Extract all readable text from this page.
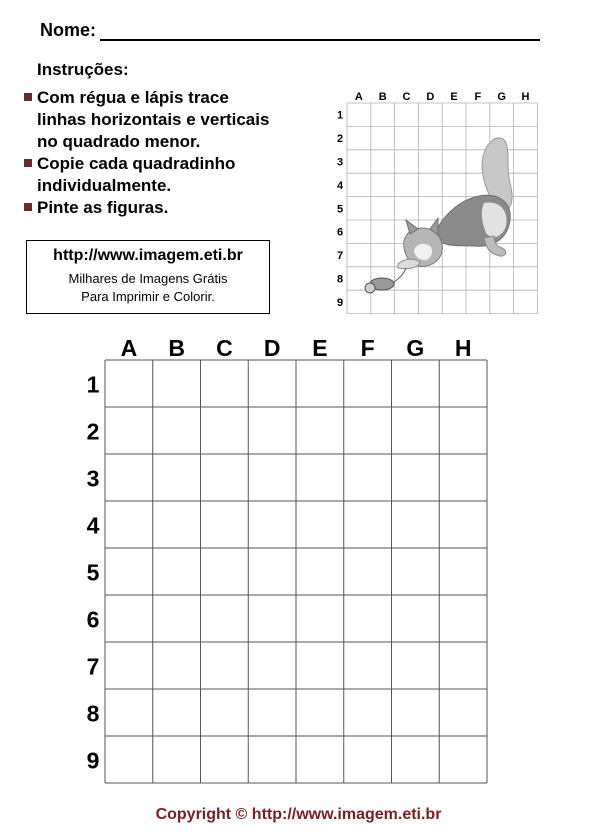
Nome:
Instruções:
Com régua e lápis trace
linhas horizontais e verticais
no quadrado menor.
Copie cada quadradinho
individualmente.
Pinte as figuras.
http://www.imagem.eti.br
Milhares de Imagens Grátis
Para Imprimir e Colorir.
A B C D E F G H
1
2
3
4
5
6
7
8
9
A B C D E F G H
1
2
3
4
5
6
7
8
9
Copyright © http://www.imagem.eti.br
